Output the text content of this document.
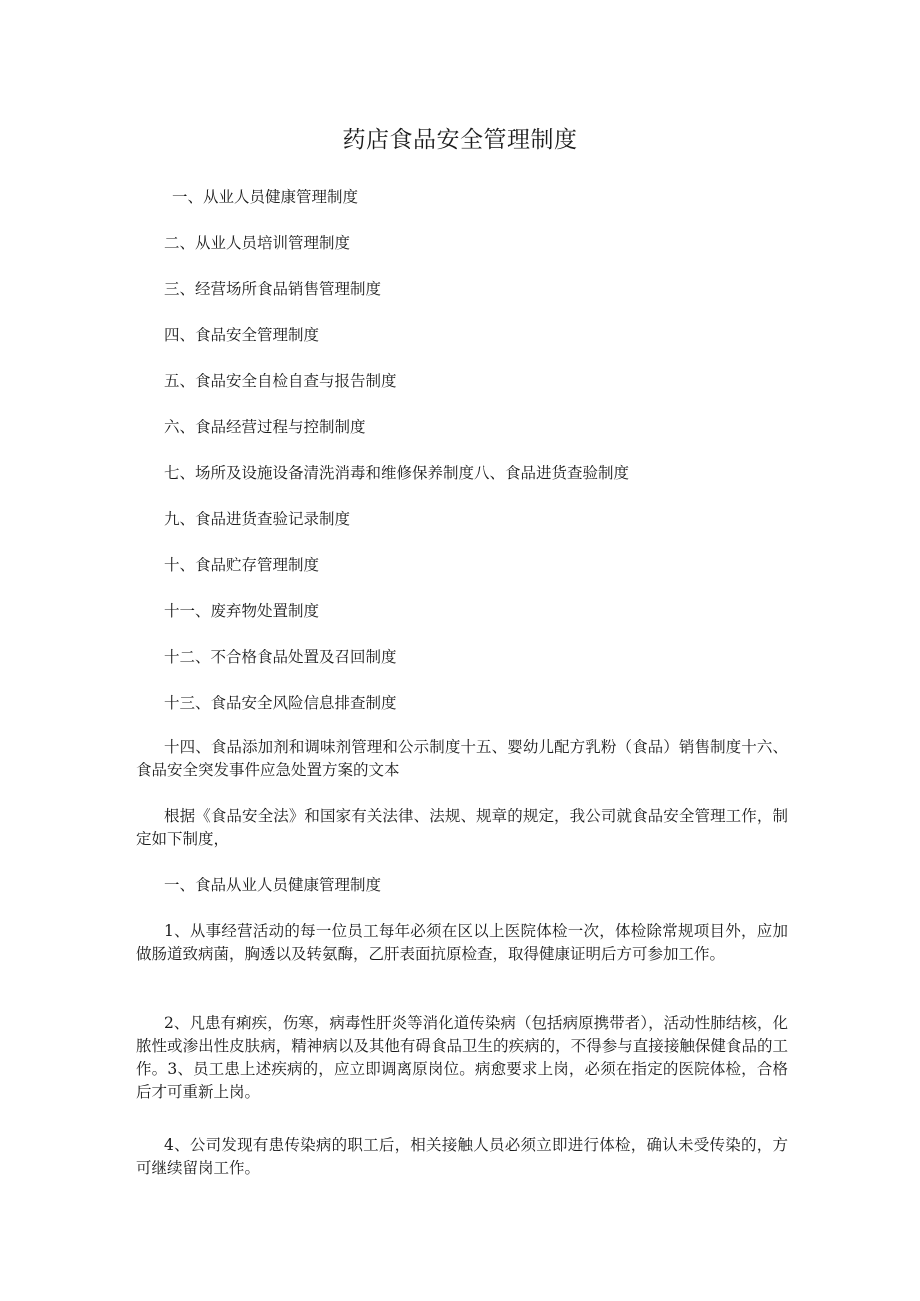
药店食品安全管理制度
一、从业人员健康管理制度
二、从业人员培训管理制度
三、经营场所食品销售管理制度
四、食品安全管理制度
五、食品安全自检自查与报告制度
六、食品经营过程与控制制度
七、场所及设施设备清洗消毒和维修保养制度八、食品进货查验制度
九、食品进货查验记录制度
十、食品贮存管理制度
十一、废弃物处置制度
十二、不合格食品处置及召回制度
十三、食品安全风险信息排查制度

十四、食品添加剂和调味剂管理和公示制度十五、婴幼儿配方乳粉（食品）销售制度十六、食品安全突发事件应急处置方案的文本

根据《食品安全法》和国家有关法律、法规、规章的规定，我公司就食品安全管理工作，制定如下制度，

一、食品从业人员健康管理制度

1、从事经营活动的每一位员工每年必须在区以上医院体检一次，体检除常规项目外，应加做肠道致病菌，胸透以及转氨酶，乙肝表面抗原检查，取得健康证明后方可参加工作。

2、凡患有痢疾，伤寒，病毒性肝炎等消化道传染病（包括病原携带者），活动性肺结核，化脓性或渗出性皮肤病，精神病以及其他有碍食品卫生的疾病的，不得参与直接接触保健食品的工作。3、员工患上述疾病的，应立即调离原岗位。病愈要求上岗，必须在指定的医院体检，合格后才可重新上岗。

4、公司发现有患传染病的职工后，相关接触人员必须立即进行体检，确认未受传染的，方可继续留岗工作。
